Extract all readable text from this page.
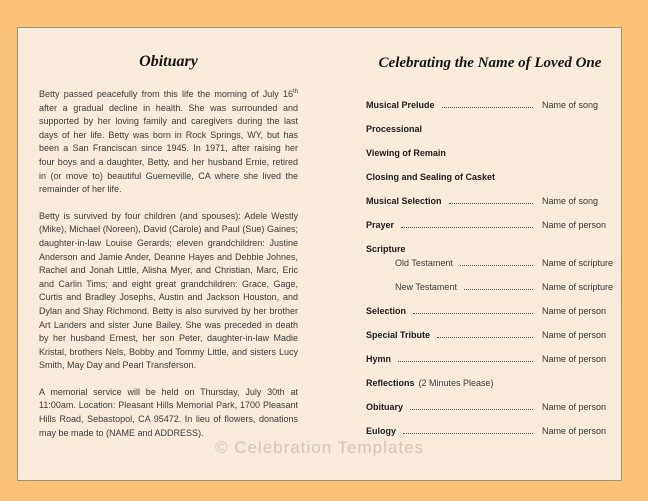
Obituary

Betty passed peacefully from this life the morning of July 16th after a gradual decline in health. She was surrounded and supported by her loving family and caregivers during the last days of her life. Betty was born in Rock Springs, WY, but has been a San Franciscan since 1945. In 1971, after raising her four boys and a daughter, Betty, and her husband Ernie, retired in (or move to) beautiful Guerneville, CA where she lived the remainder of her life.

Betty is survived by four children (and spouses): Adele Westly (Mike), Michael (Noreen), David (Carole) and Paul (Sue) Gaines; daughter-in-law Louise Gerards; eleven grandchildren: Justine Anderson and Jamie Ander, Deanne Hayes and Debbie Johnes, Rachel and Jonah Little, Alisha Myer, and Christian, Marc, Eric and Carlin Tims; and eight great grandchildren: Grace, Gage, Curtis and Bradley Josephs, Austin and Jackson Houston, and Dylan and Shay Richmond. Betty is also survived by her brother Art Landers and sister June Bailey. She was preceded in death by her husband Ernest, her son Peter, daughter-in-law Madie Kristal, brothers Nels, Bobby and Tommy Little, and sisters Lucy Smith, May Day and Pearl Transferson.

A memorial service will be held on Thursday, July 30th at 11:00am. Location: Pleasant Hills Memorial Park, 1700 Pleasant Hills Road, Sebastopol, CA 95472. In lieu of flowers, donations may be made to (NAME and ADDRESS).

Celebrating the Name of Loved One
Musical Prelude	Name of song
Processional
Viewing of Remain
Closing and Sealing of Casket
Musical Selection	Name of song
Prayer	Name of person
Scripture
Old Testament	Name of scripture
New Testament	Name of scripture
Selection	Name of person
Special Tribute	Name of person
Hymn	Name of person
Reflections (2 Minutes Please)
Obituary	Name of person
Eulogy	Name of person
© Celebration Templates
